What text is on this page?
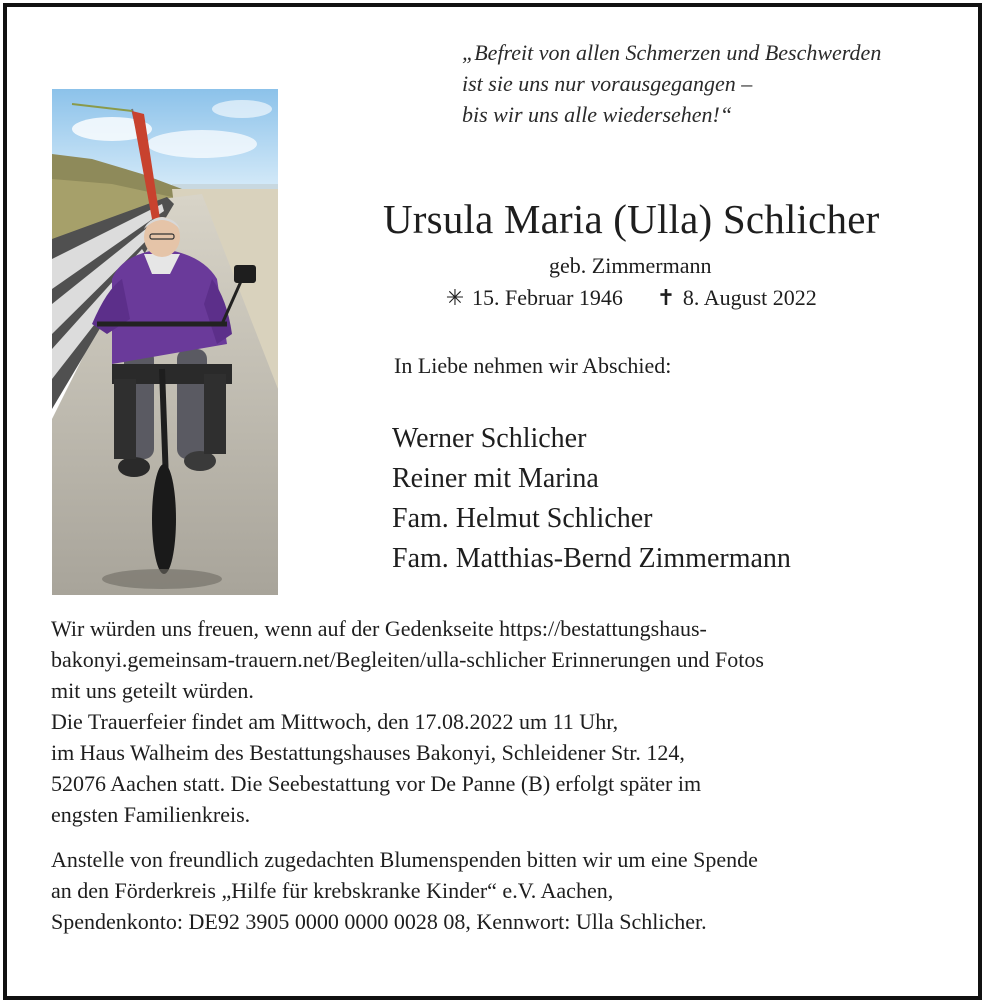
„Befreit von allen Schmerzen und Beschwerden
ist sie uns nur vorausgegangen –
bis wir uns alle wiedersehen!“
Ursula Maria (Ulla) Schlicher
geb. Zimmermann
✳ 15. Februar 1946 ✝ 8. August 2022
In Liebe nehmen wir Abschied:
Werner Schlicher
Reiner mit Marina
Fam. Helmut Schlicher
Fam. Matthias-Bernd Zimmermann
Wir würden uns freuen, wenn auf der Gedenkseite https://bestattungshaus-
bakonyi.gemeinsam-trauern.net/Begleiten/ulla-schlicher Erinnerungen und Fotos
mit uns geteilt würden.
Die Trauerfeier findet am Mittwoch, den 17.08.2022 um 11 Uhr,
im Haus Walheim des Bestattungshauses Bakonyi, Schleidener Str. 124,
52076 Aachen statt. Die Seebestattung vor De Panne (B) erfolgt später im
engsten Familienkreis.
Anstelle von freundlich zugedachten Blumenspenden bitten wir um eine Spende
an den Förderkreis „Hilfe für krebskranke Kinder“ e.V. Aachen,
Spendenkonto: DE92 3905 0000 0000 0028 08, Kennwort: Ulla Schlicher.
